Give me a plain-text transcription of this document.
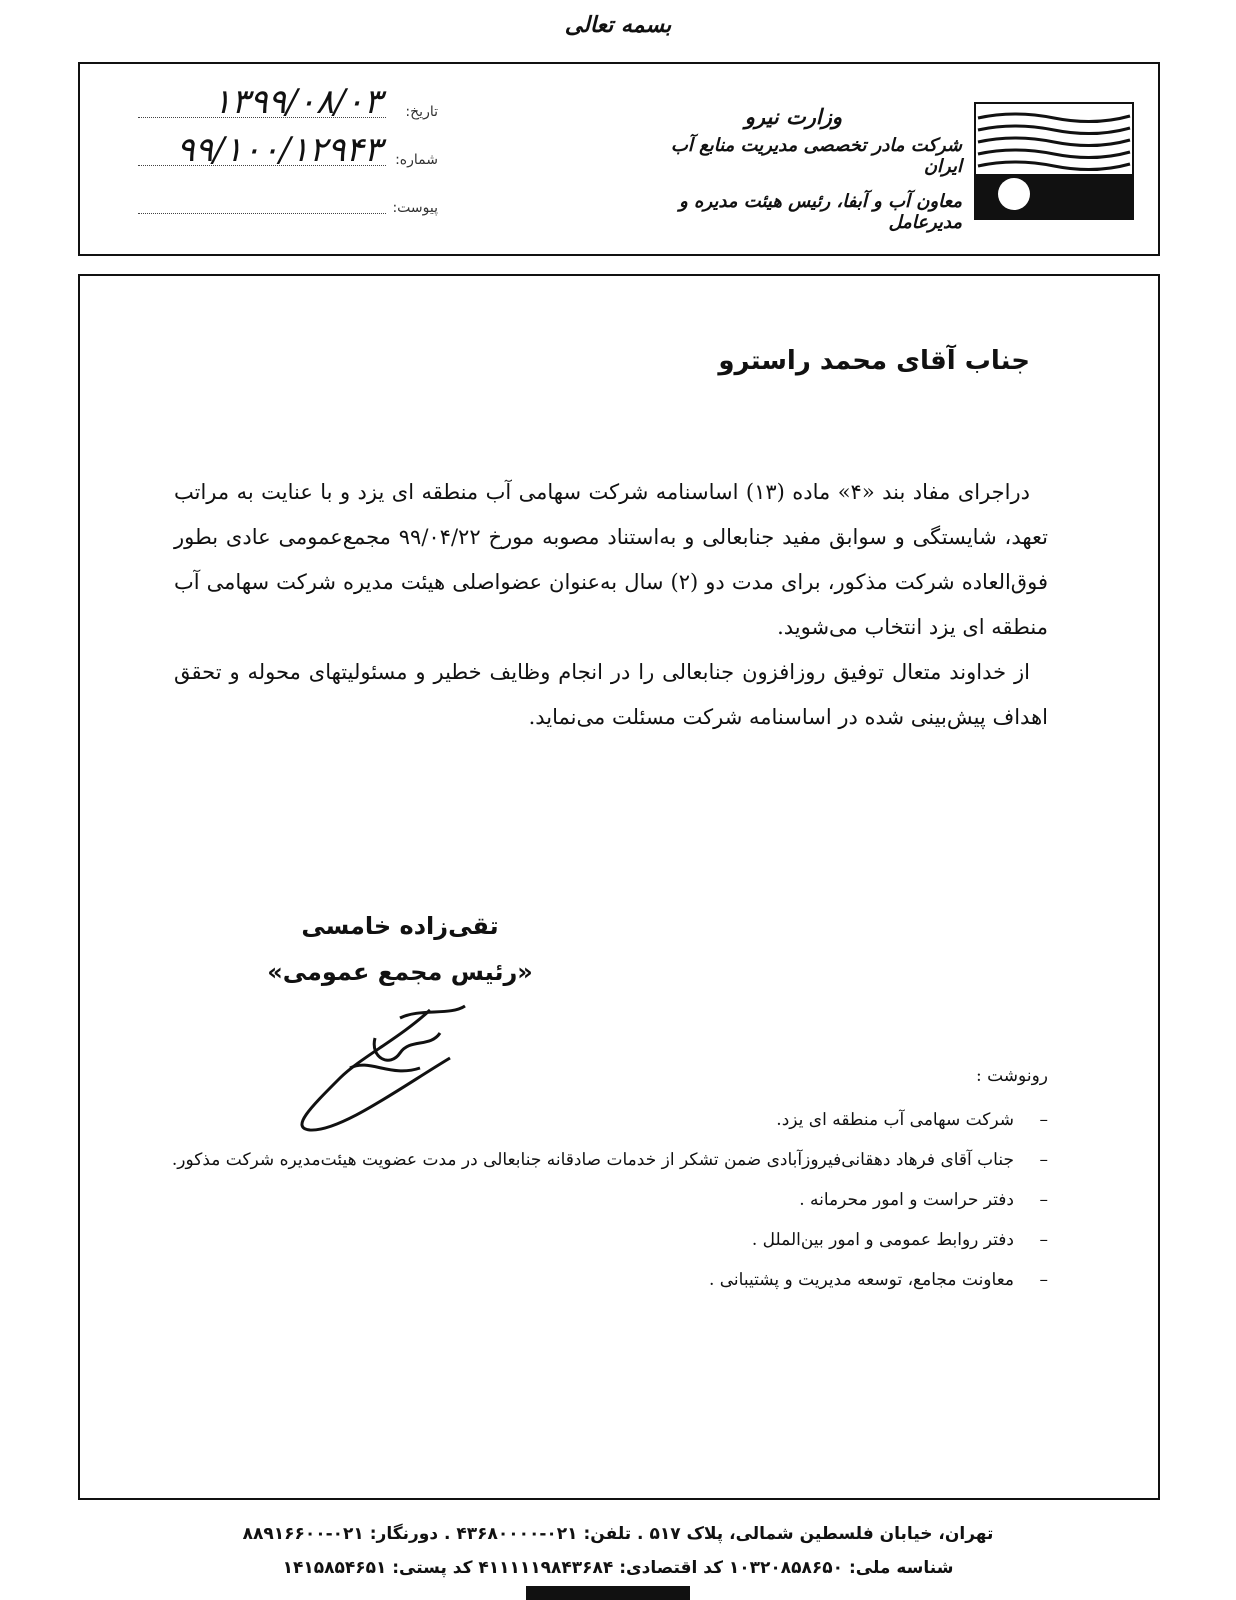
بسمه تعالی
وزارت نیرو
شرکت مادر تخصصی مدیریت منابع آب ایران
معاون آب و آبفا، رئیس هیئت مدیره و مدیرعامل
تاریخ:
۱۳۹۹/۰۸/۰۳
شماره:
۹۹/۱۰۰/۱۲۹۴۳
پیوست:
جناب آقای محمد راسترو

دراجرای مفاد بند «۴» ماده (۱۳) اساسنامه شرکت سهامی آب منطقه ای یزد و با عنایت به مراتب تعهد، شایستگی و سوابق مفید جنابعالی و به‌استناد مصوبه مورخ ۹۹/۰۴/۲۲ مجمع‌عمومی عادی بطور فوق‌العاده شرکت مذکور، برای مدت دو (۲) سال به‌عنوان عضواصلی هیئت مدیره شرکت سهامی آب منطقه ای یزد انتخاب می‌شوید.

از خداوند متعال توفیق روزافزون جنابعالی را در انجام وظایف خطیر و مسئولیتهای محوله و تحقق اهداف پیش‌بینی شده در اساسنامه شرکت مسئلت می‌نماید.

تقی‌زاده خامسی
«رئیس مجمع عمومی»
رونوشت :
– شرکت سهامی آب منطقه ای یزد.
– جناب آقای فرهاد دهقانی‌فیروزآبادی ضمن تشکر از خدمات صادقانه جنابعالی در مدت عضویت هیئت‌مدیره شرکت مذکور.
– دفتر حراست و امور محرمانه .
– دفتر روابط عمومی و امور بین‌الملل .
– معاونت مجامع، توسعه مدیریت و پشتیبانی .
تهران، خیابان فلسطین شمالی، پلاک ۵۱۷ . تلفن: ۰۲۱-۴۳۶۸۰۰۰۰ . دورنگار: ۰۲۱-۸۸۹۱۶۶۰۰
شناسه ملی: ۱۰۳۲۰۸۵۸۶۵۰ کد اقتصادی: ۴۱۱۱۱۱۹۸۴۳۶۸۴ کد پستی: ۱۴۱۵۸۵۴۶۵۱
